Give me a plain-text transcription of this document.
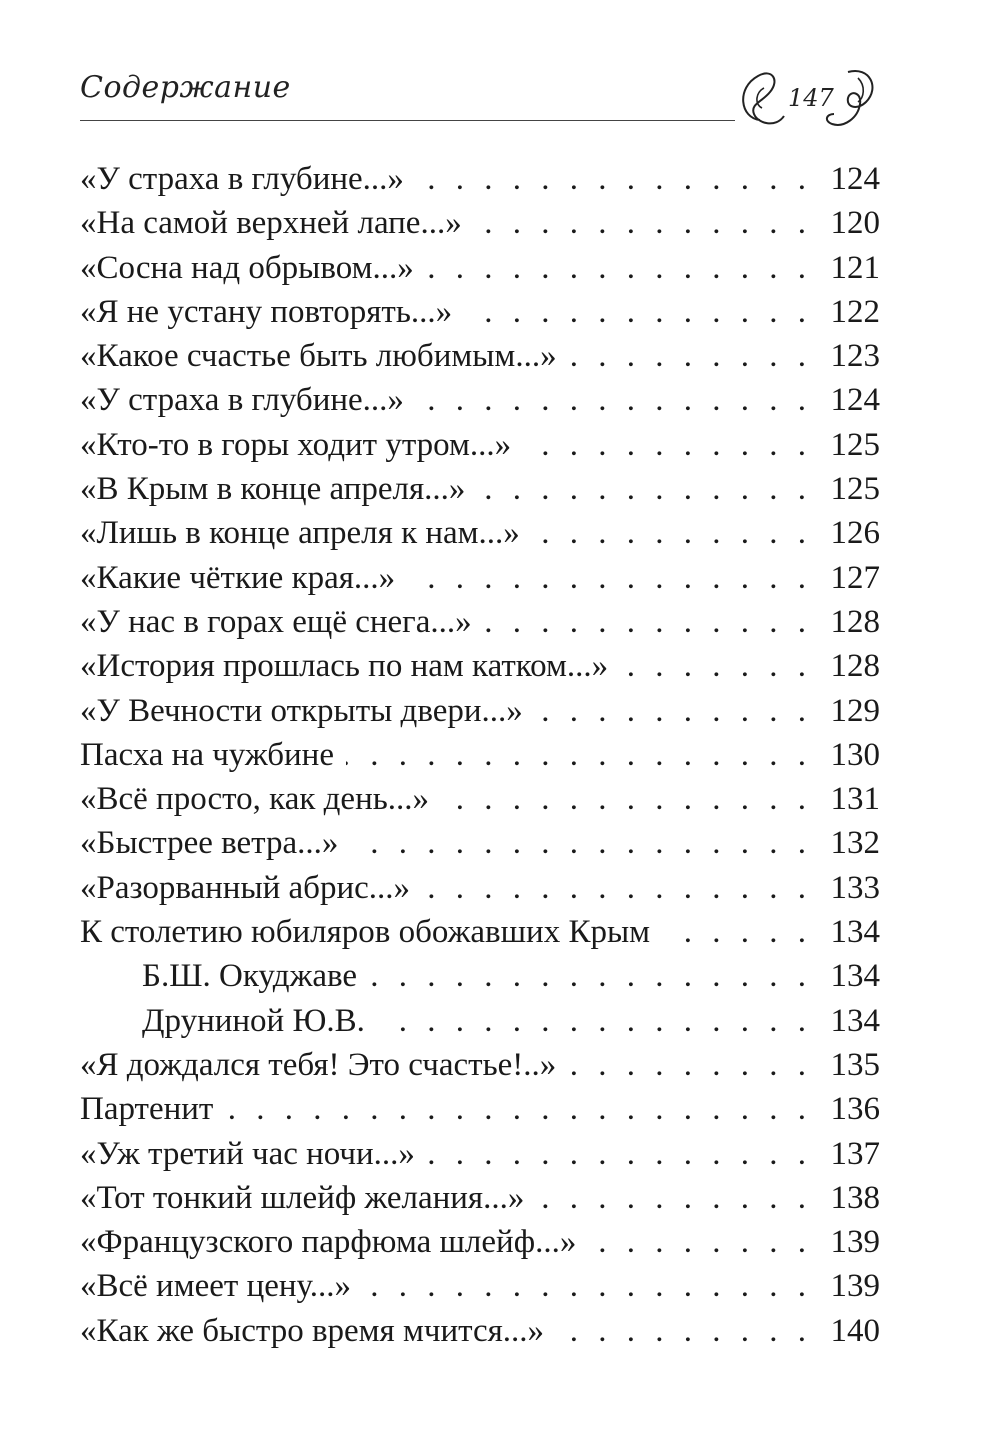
Содержание	147
«У страха в глубине...» . . .	124
«На самой верхней лапе...» . . .	120
«Сосна над обрывом...» . . .	121
«Я не устану повторять...» . . .	122
«Какое счастье быть любимым...» . . .	123
«У страха в глубине...» . . .	124
«Кто-то в горы ходит утром...» . . .	125
«В Крым в конце апреля...» . . .	125
«Лишь в конце апреля к нам...» . . .	126
«Какие чёткие края...» . . .	127
«У нас в горах ещё снега...» . . .	128
«История прошлась по нам катком...» . . .	128
«У Вечности открыты двери...» . . .	129
Пасха на чужбине . . .	130
«Всё просто, как день...» . . .	131
«Быстрее ветра...» . . .	132
«Разорванный абрис...» . . .	133
К столетию юбиляров обожавших Крым . . .	134
Б.Ш. Окуджаве . . .	134
Друниной Ю.В. . . .	134
«Я дождался тебя! Это счастье!..» . . .	135
Партенит . . .	136
«Уж третий час ночи...» . . .	137
«Тот тонкий шлейф желания...» . . .	138
«Французского парфюма шлейф...» . . .	139
«Всё имеет цену...» . . .	139
«Как же быстро время мчится...» . . .	140
